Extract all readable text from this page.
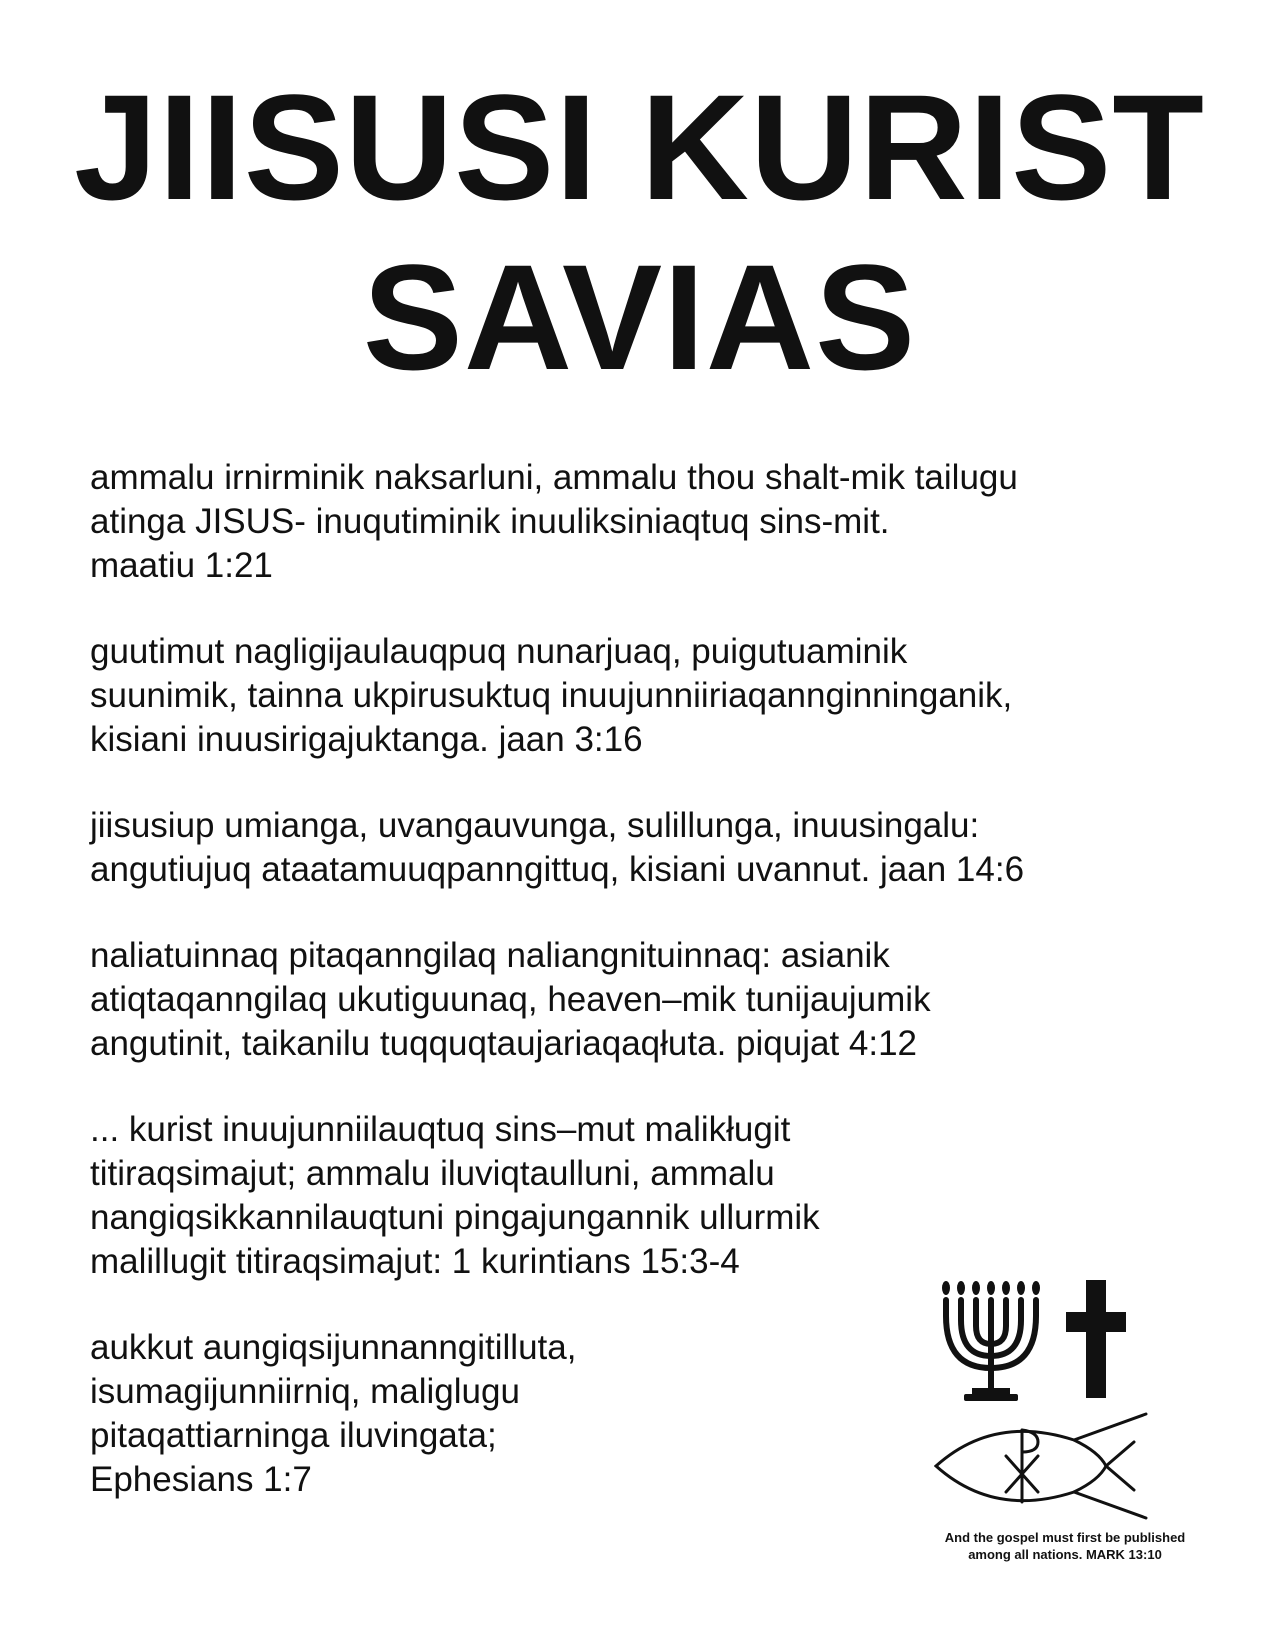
JIISUSI KURIST
SAVIAS

ammalu irnirminik naksarluni, ammalu thou shalt-mik tailugu
atinga JISUS- inuqutiminik inuuliksiniaqtuq sins-mit.
maatiu 1:21

guutimut nagligijaulauqpuq nunarjuaq, puigutuaminik
suunimik, tainna ukpirusuktuq inuujunniiriaqannginninganik,
kisiani inuusirigajuktanga. jaan 3:16

jiisusiup umianga, uvangauvunga, sulillunga, inuusingalu:
angutiujuq ataatamuuqpanngittuq, kisiani uvannut. jaan 14:6

naliatuinnaq pitaqanngilaq naliangnituinnaq: asianik
atiqtaqanngilaq ukutiguunaq, heaven–mik tunijaujumik
angutinit, taikanilu tuqquqtaujariaqaqłuta. piqujat 4:12

... kurist inuujunniilauqtuq sins–mut malikługit
titiraqsimajut; ammalu iluviqtaulluni, ammalu
nangiqsikkannilauqtuni pingajungannik ullurmik
malillugit titiraqsimajut: 1 kurintians 15:3-4

aukkut aungiqsijunnanngitilluta,
isumagijunniirniq, maliglugu
pitaqattiarninga iluvingata;
Ephesians 1:7

And the gospel must first be published
among all nations. MARK 13:10
